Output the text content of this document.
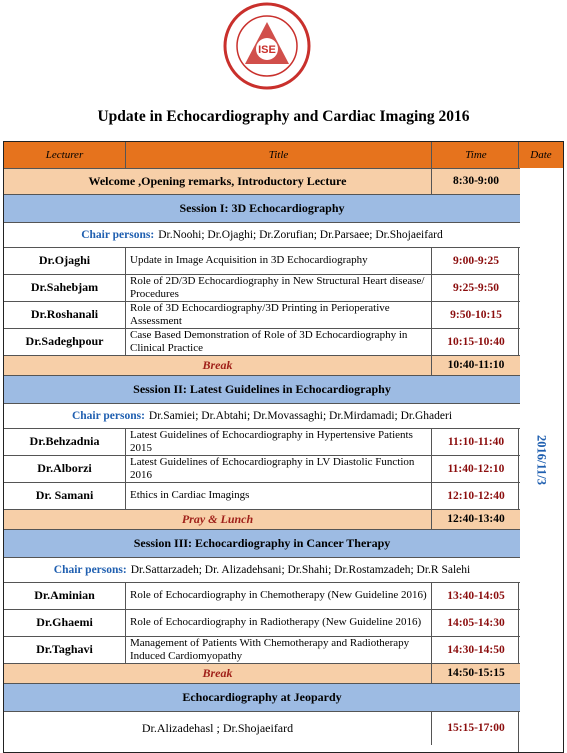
ISE
Update in Echocardiography and Cardiac Imaging 2016
Lecturer	Title	Time	Date
2016/11/3
Welcome ,Opening remarks, Introductory Lecture	8:30-9:00
Session I: 3D Echocardiography
Chair persons: Dr.Noohi; Dr.Ojaghi; Dr.Zorufian; Dr.Parsaee; Dr.Shojaeifard
Dr.Ojaghi	Update in Image Acquisition in 3D Echocardiography	9:00-9:25
Dr.Sahebjam	Role of 2D/3D Echocardiography in New Structural Heart disease/ Procedures	9:25-9:50
Dr.Roshanali	Role of 3D Echocardiography/3D Printing in Perioperative Assessment	9:50-10:15
Dr.Sadeghpour	Case Based Demonstration of Role of 3D Echocardiography in Clinical Practice	10:15-10:40
Break	10:40-11:10
Session II: Latest Guidelines in Echocardiography
Chair persons: Dr.Samiei; Dr.Abtahi; Dr.Movassaghi; Dr.Mirdamadi; Dr.Ghaderi
Dr.Behzadnia	Latest Guidelines of Echocardiography in Hypertensive Patients 2015	11:10-11:40
Dr.Alborzi	Latest Guidelines of Echocardiography in LV Diastolic Function 2016	11:40-12:10
Dr. Samani	Ethics in Cardiac Imagings	12:10-12:40
Pray & Lunch	12:40-13:40
Session III: Echocardiography in Cancer Therapy
Chair persons: Dr.Sattarzadeh; Dr. Alizadehsani; Dr.Shahi; Dr.Rostamzadeh; Dr.R Salehi
Dr.Aminian	Role of Echocardiography in Chemotherapy (New Guideline 2016)	13:40-14:05
Dr.Ghaemi	Role of Echocardiography in Radiotherapy (New Guideline 2016)	14:05-14:30
Dr.Taghavi	Management of Patients With Chemotherapy and Radiotherapy Induced Cardiomyopathy	14:30-14:50
Break	14:50-15:15
Echocardiography at Jeopardy
Dr.Alizadehasl ; Dr.Shojaeifard	15:15-17:00
